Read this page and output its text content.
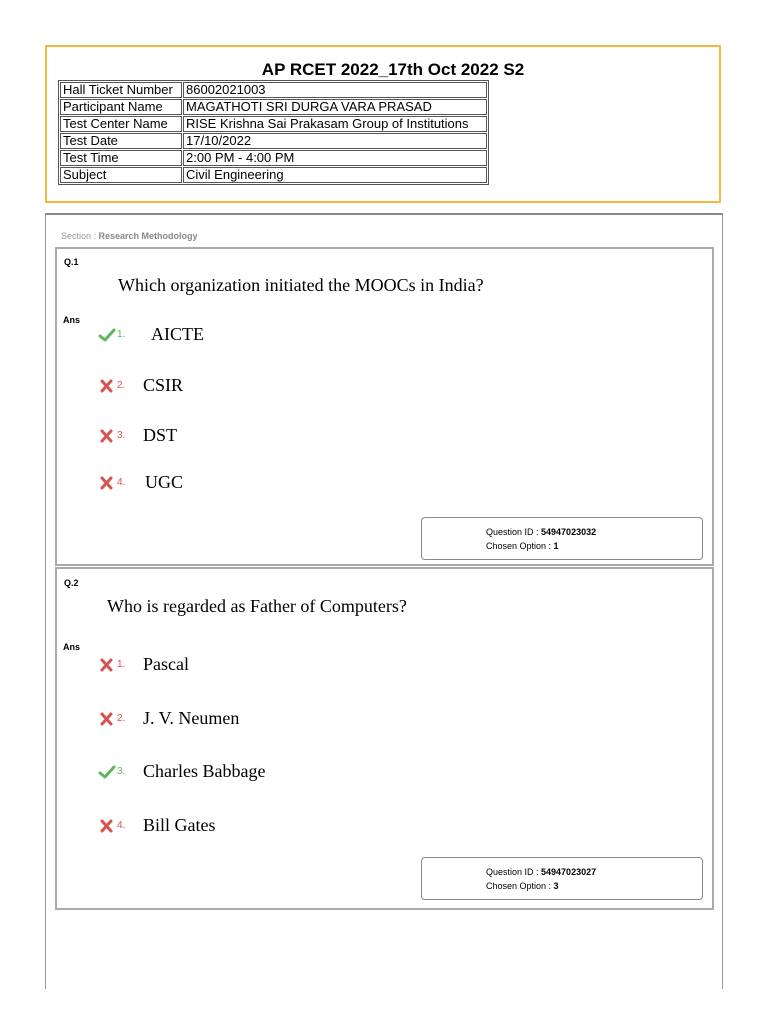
AP RCET 2022_17th Oct 2022 S2
Hall Ticket Number	86002021003
Participant Name	MAGATHOTI SRI DURGA VARA PRASAD
Test Center Name	RISE Krishna Sai Prakasam Group of Institutions
Test Date	17/10/2022
Test Time	2:00 PM - 4:00 PM
Subject	Civil Engineering
Section : Research Methodology
Q.1
Which organization initiated the MOOCs in India?
Ans
1.	AICTE
2. CSIR
3. DST
4.	UGC
Question ID : 54947023032
Chosen Option : 1
Q.2
Who is regarded as Father of Computers?
Ans
1. Pascal
2. J. V. Neumen
3. Charles Babbage
4. Bill Gates
Question ID : 54947023027
Chosen Option : 3
